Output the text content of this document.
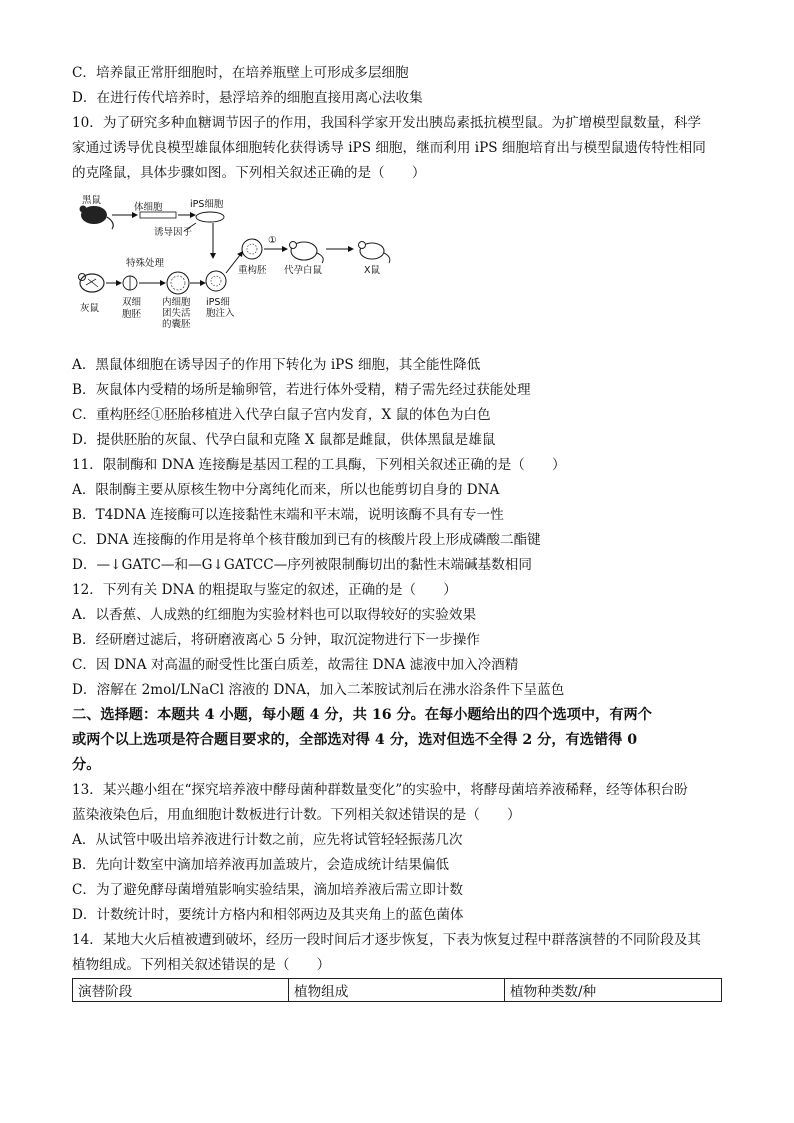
C．培养鼠正常肝细胞时，在培养瓶壁上可形成多层细胞
D．在进行传代培养时，悬浮培养的细胞直接用离心法收集
10．为了研究多种血糖调节因子的作用，我国科学家开发出胰岛素抵抗模型鼠。为扩增模型鼠数量，科学
家通过诱导优良模型雄鼠体细胞转化获得诱导 iPS 细胞，继而利用 iPS 细胞培育出与模型鼠遗传特性相同
的克隆鼠，具体步骤如图。下列相关叙述正确的是（　　）
黑鼠
体细胞	iPS细胞
诱导因子
灰鼠
双细
胞胚
特殊处理
内细胞
团失活
的囊胚
iPS细
胞注入
重构胚
①
代孕白鼠	X鼠
A．黑鼠体细胞在诱导因子的作用下转化为 iPS 细胞，其全能性降低
B．灰鼠体内受精的场所是输卵管，若进行体外受精，精子需先经过获能处理
C．重构胚经①胚胎移植进入代孕白鼠子宫内发育，X 鼠的体色为白色
D．提供胚胎的灰鼠、代孕白鼠和克隆 X 鼠都是雌鼠，供体黑鼠是雄鼠
11．限制酶和 DNA 连接酶是基因工程的工具酶，下列相关叙述正确的是（　　）
A．限制酶主要从原核生物中分离纯化而来，所以也能剪切自身的 DNA
B．T4DNA 连接酶可以连接黏性末端和平末端，说明该酶不具有专一性
C．DNA 连接酶的作用是将单个核苷酸加到已有的核酸片段上形成磷酸二酯键
D．—↓GATC—和—G↓GATCC—序列被限制酶切出的黏性末端碱基数相同
12．下列有关 DNA 的粗提取与鉴定的叙述，正确的是（　　）
A．以香蕉、人成熟的红细胞为实验材料也可以取得较好的实验效果
B．经研磨过滤后，将研磨液离心 5 分钟，取沉淀物进行下一步操作
C．因 DNA 对高温的耐受性比蛋白质差，故需往 DNA 滤液中加入冷酒精
D．溶解在 2mol/LNaCl 溶液的 DNA，加入二苯胺试剂后在沸水浴条件下呈蓝色
二、选择题：本题共 4 小题，每小题 4 分，共 16 分。在每小题给出的四个选项中，有两个
或两个以上选项是符合题目要求的，全部选对得 4 分，选对但选不全得 2 分，有选错得 0
分。
13．某兴趣小组在“探究培养液中酵母菌种群数量变化”的实验中，将酵母菌培养液稀释，经等体积台盼
蓝染液染色后，用血细胞计数板进行计数。下列相关叙述错误的是（　　）
A．从试管中吸出培养液进行计数之前，应先将试管轻轻振荡几次
B．先向计数室中滴加培养液再加盖玻片，会造成统计结果偏低
C．为了避免酵母菌增殖影响实验结果，滴加培养液后需立即计数
D．计数统计时，要统计方格内和相邻两边及其夹角上的蓝色菌体
14．某地大火后植被遭到破坏，经历一段时间后才逐步恢复，下表为恢复过程中群落演替的不同阶段及其
植物组成。下列相关叙述错误的是（　　）
演替阶段	植物组成	植物种类数/种
